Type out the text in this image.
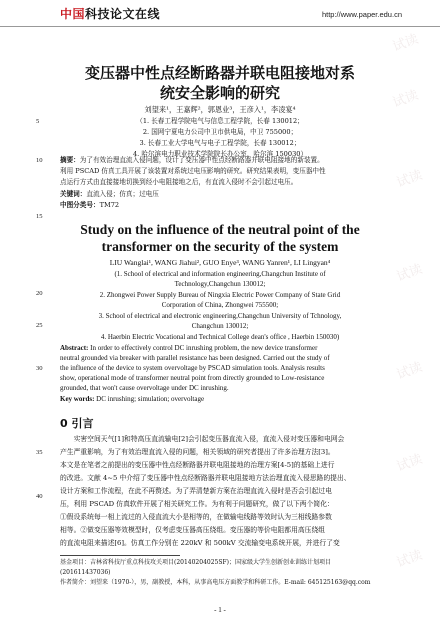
中国科技论文在线	http://www.paper.edu.cn
试读
试读
试读
试读
试读
试读
试读
5
10
15
20
25
30
35
40
变压器中性点经断路器并联电阻接地对系
统安全影响的研究
刘望来¹，王嘉辉²，郭恩业³，王彦入¹，李凌宴⁴
（1. 长春工程学院电气与信息工程学院，长春 130012；
2. 国网宁夏电力公司中卫市供电局，中卫 755000；
3. 长春工业大学电气与电子工程学院，长春 130012；
4. 哈尔滨电力职业技术学院院长办公室，哈尔滨 150030）
摘要：为了有效治理直流入侵问题，设计了变压器中性点经断路器并联电阻接地的新装置。
利用 PSCAD 仿真工具开展了该装置对系统过电压影响的研究。研究结果表明，变压器中性
点运行方式由直接接地切换到经小电阻接地之后，有直流入侵时不会引起过电压。
关键词：直流入侵；仿真；过电压
中图分类号：TM72
Study on the influence of the neutral point of the
transformer on the security of the system
LIU Wanglai¹, WANG Jiahui², GUO Enye³, WANG Yanren¹, LI Lingyan⁴
(1. School of electrical and information engineering,Changchun Institute of
Technology,Changchun 130012;
2. Zhongwei Power Supply Bureau of Ningxia Electric Power Company of State Grid
Corporation of China, Zhongwei 755500;
3. School of electrical and electronic engineering,Changchun University of Tchnology,
Changchun 130012;
4. Haerbin Electric Vocational and Technical College dean's office , Haerbin 150030)
Abstract: In order to effectively control DC inrushing problem, the new device transformer
neutral grounded via breaker with parallel resistance has been designed. Carried out the study of
the influence of the device to system overvoltage by PSCAD simulation tools. Analysis results
show, operational mode of transformer neutral point from directly grounded to Low-resistance
grounded, that won't cause overvoltage under DC inrushing.
Key words: DC inrushing; simulation; overvoltage
0 引言
　　实害空间天气[1]和特高压直流输电[2]会引起变压器直流入侵，直流入侵对变压器和电网会
产生严重影响，为了有效治理直流入侵的问题，相关领域的研究者提出了许多治理方法[3]。
本文是在笔者之前提出的变压器中性点经断路器并联电阻接地的治理方案[4-5]的基础上进行
的改进。文献 4~5 中介绍了变压器中性点经断路器并联电阻接地方法治理直流入侵思路的提出、
设计方案和工作流程，在此不再赘述。为了弄清楚新方案在治理直流入侵时是否会引起过电
压，利用 PSCAD 仿真软件开展了相关研究工作。为有利于问题研究，做了以下两个简化：
①假设系统每一相上流过的入侵直流大小是相等的，在做输电线路等效时认为三相线路参数
相等。②做变压器等效模型时，仅考虑变压器高压绕组。变压器的等价电阻都用高压绕组
的直流电阻来描述[6]。仿真工作分别在 220kV 和 500kV 交流输变电系统开展，并进行了变
基金项目：吉林省科技厅重点科技攻关项目(20140204025SF)；国家级大学生创新创业训练计划项目
(201611437036)
作者简介：刘望来（1970-），男，副教授，本科，从事高电压方面教学和科研工作。E-mail: 645125163@qq.com
- 1 -
